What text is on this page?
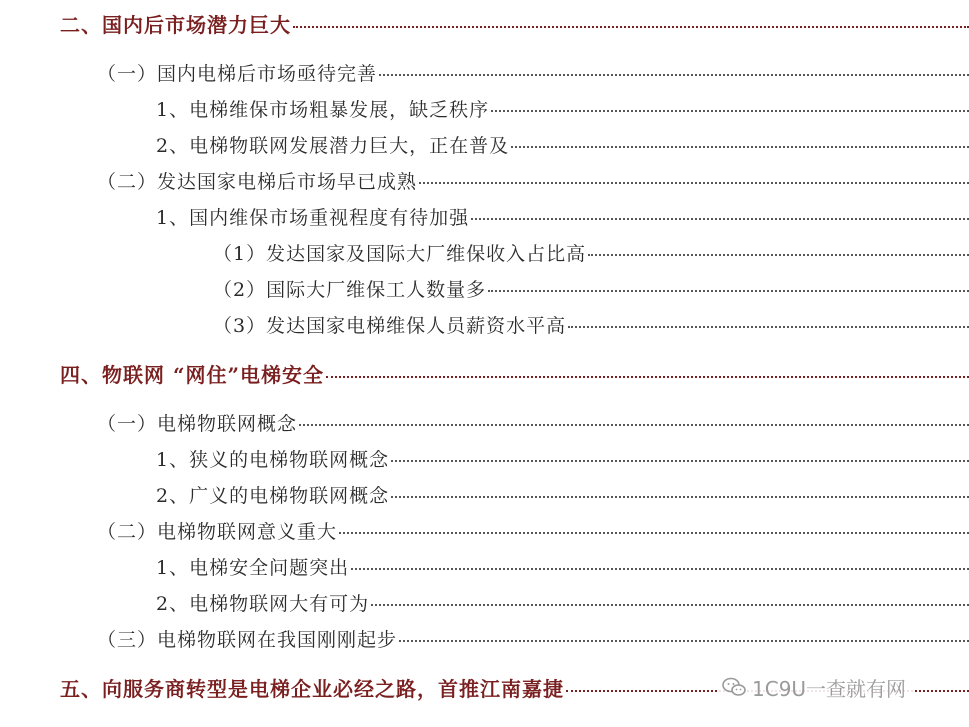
二、国内后市场潜力巨大
（一）国内电梯后市场亟待完善
1、电梯维保市场粗暴发展，缺乏秩序
2、电梯物联网发展潜力巨大，正在普及
（二）发达国家电梯后市场早已成熟
1、国内维保市场重视程度有待加强
（1）发达国家及国际大厂维保收入占比高
（2）国际大厂维保工人数量多
（3）发达国家电梯维保人员薪资水平高
四、物联网 “网住”电梯安全
（一）电梯物联网概念
1、狭义的电梯物联网概念
2、广义的电梯物联网概念
（二）电梯物联网意义重大
1、电梯安全问题突出
2、电梯物联网大有可为
（三）电梯物联网在我国刚刚起步
五、向服务商转型是电梯企业必经之路，首推江南嘉捷	1C9U一查就有网
